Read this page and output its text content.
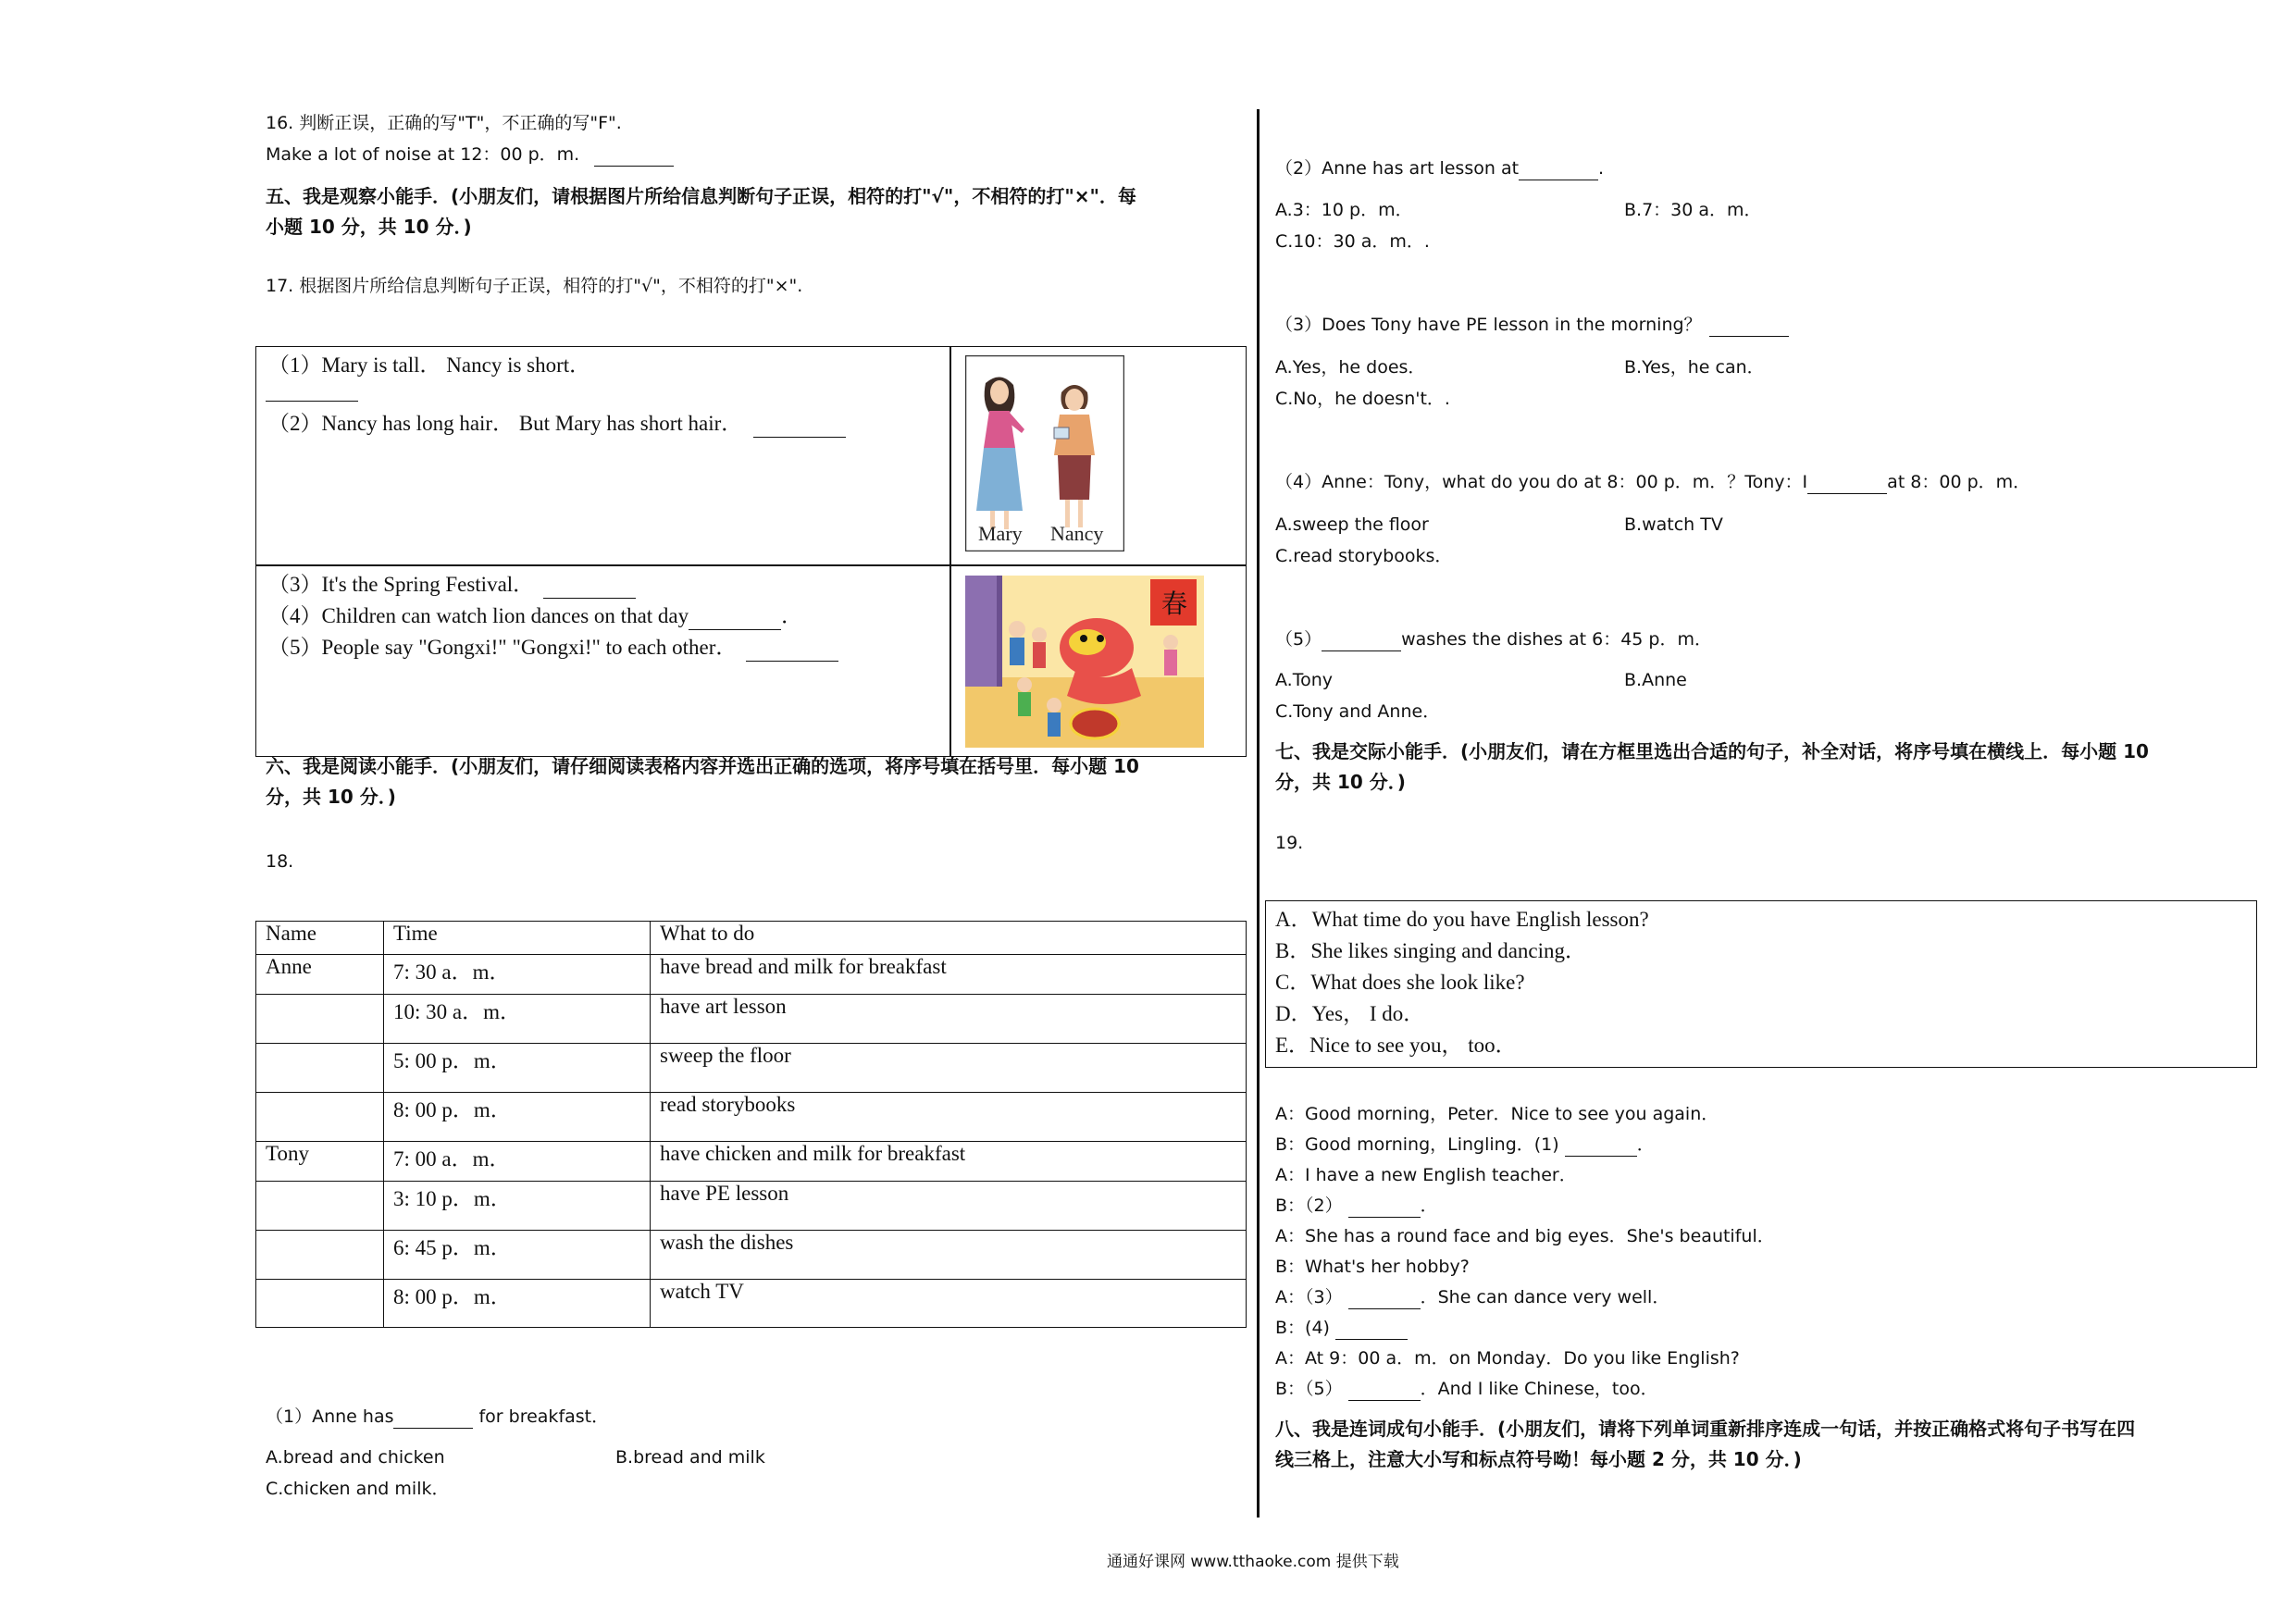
16. 判断正误，正确的写"T"，不正确的写"F".
Make a lot of noise at 12：00 p．m.
五、我是观察小能手．(小朋友们，请根据图片所给信息判断句子正误，相符的打"√"，不相符的打"×"．每
小题 10 分，共 10 分．)
17. 根据图片所给信息判断句子正误，相符的打"√"，不相符的打"×".
（1）Mary is tall． Nancy is short．
（2）Nancy has long hair． But Mary has short hair．
（3）It's the Spring Festival．
（4）Children can watch lion dances on that day	．
（5）People say "Gongxi!" "Gongxi!" to each other．
Mary Nancy
春
六、我是阅读小能手．(小朋友们，请仔细阅读表格内容并选出正确的选项，将序号填在括号里．每小题 10
分，共 10 分．)
18.
Name	Time	What to do
Anne	7: 30 a．m．	have bread and milk for breakfast
	10: 30 a．m．	have art lesson
	5: 00 p．m．	sweep the floor
	8: 00 p．m．	read storybooks
Tony	7: 00 a．m．	have chicken and milk for breakfast
	3: 10 p．m．	have PE lesson
	6: 45 p．m．	wash the dishes
	8: 00 p．m．	watch TV
（1）Anne has	for breakfast．
A.bread and chicken	B.bread and milk
C.chicken and milk．
（2）Anne has art lesson at	.
A.3：10 p．m．	B.7：30 a．m．
C.10：30 a．m．.
（3）Does Tony have PE lesson in the morning？
A.Yes，he does．	B.Yes，he can．
C.No，he doesn't．.
（4）Anne：Tony，what do you do at 8：00 p．m．？Tony：I	at 8：00 p．m．
A.sweep the floor	B.watch TV
C.read storybooks．
（5）	washes the dishes at 6：45 p．m．
A.Tony	B.Anne
C.Tony and Anne．
七、我是交际小能手．(小朋友们，请在方框里选出合适的句子，补全对话，将序号填在横线上．每小题 10
分，共 10 分．)
19.
A．What time do you have English lesson?
B．She likes singing and dancing．
C．What does she look like?
D．Yes， I do．
E．Nice to see you， too．
A：Good morning，Peter．Nice to see you again．
B：Good morning，Lingling．(1)	．
A：I have a new English teacher．
B：（2）	．
A：She has a round face and big eyes．She's beautiful．
B：What's her hobby?
A：（3）	．She can dance very well．
B：(4)
A：At 9：00 a．m．on Monday．Do you like English?
B：（5）	．And I like Chinese，too．
八、我是连词成句小能手．(小朋友们，请将下列单词重新排序连成一句话，并按正确格式将句子书写在四
线三格上，注意大小写和标点符号呦！每小题 2 分，共 10 分．)
通通好课网 www.tthaoke.com 提供下载
